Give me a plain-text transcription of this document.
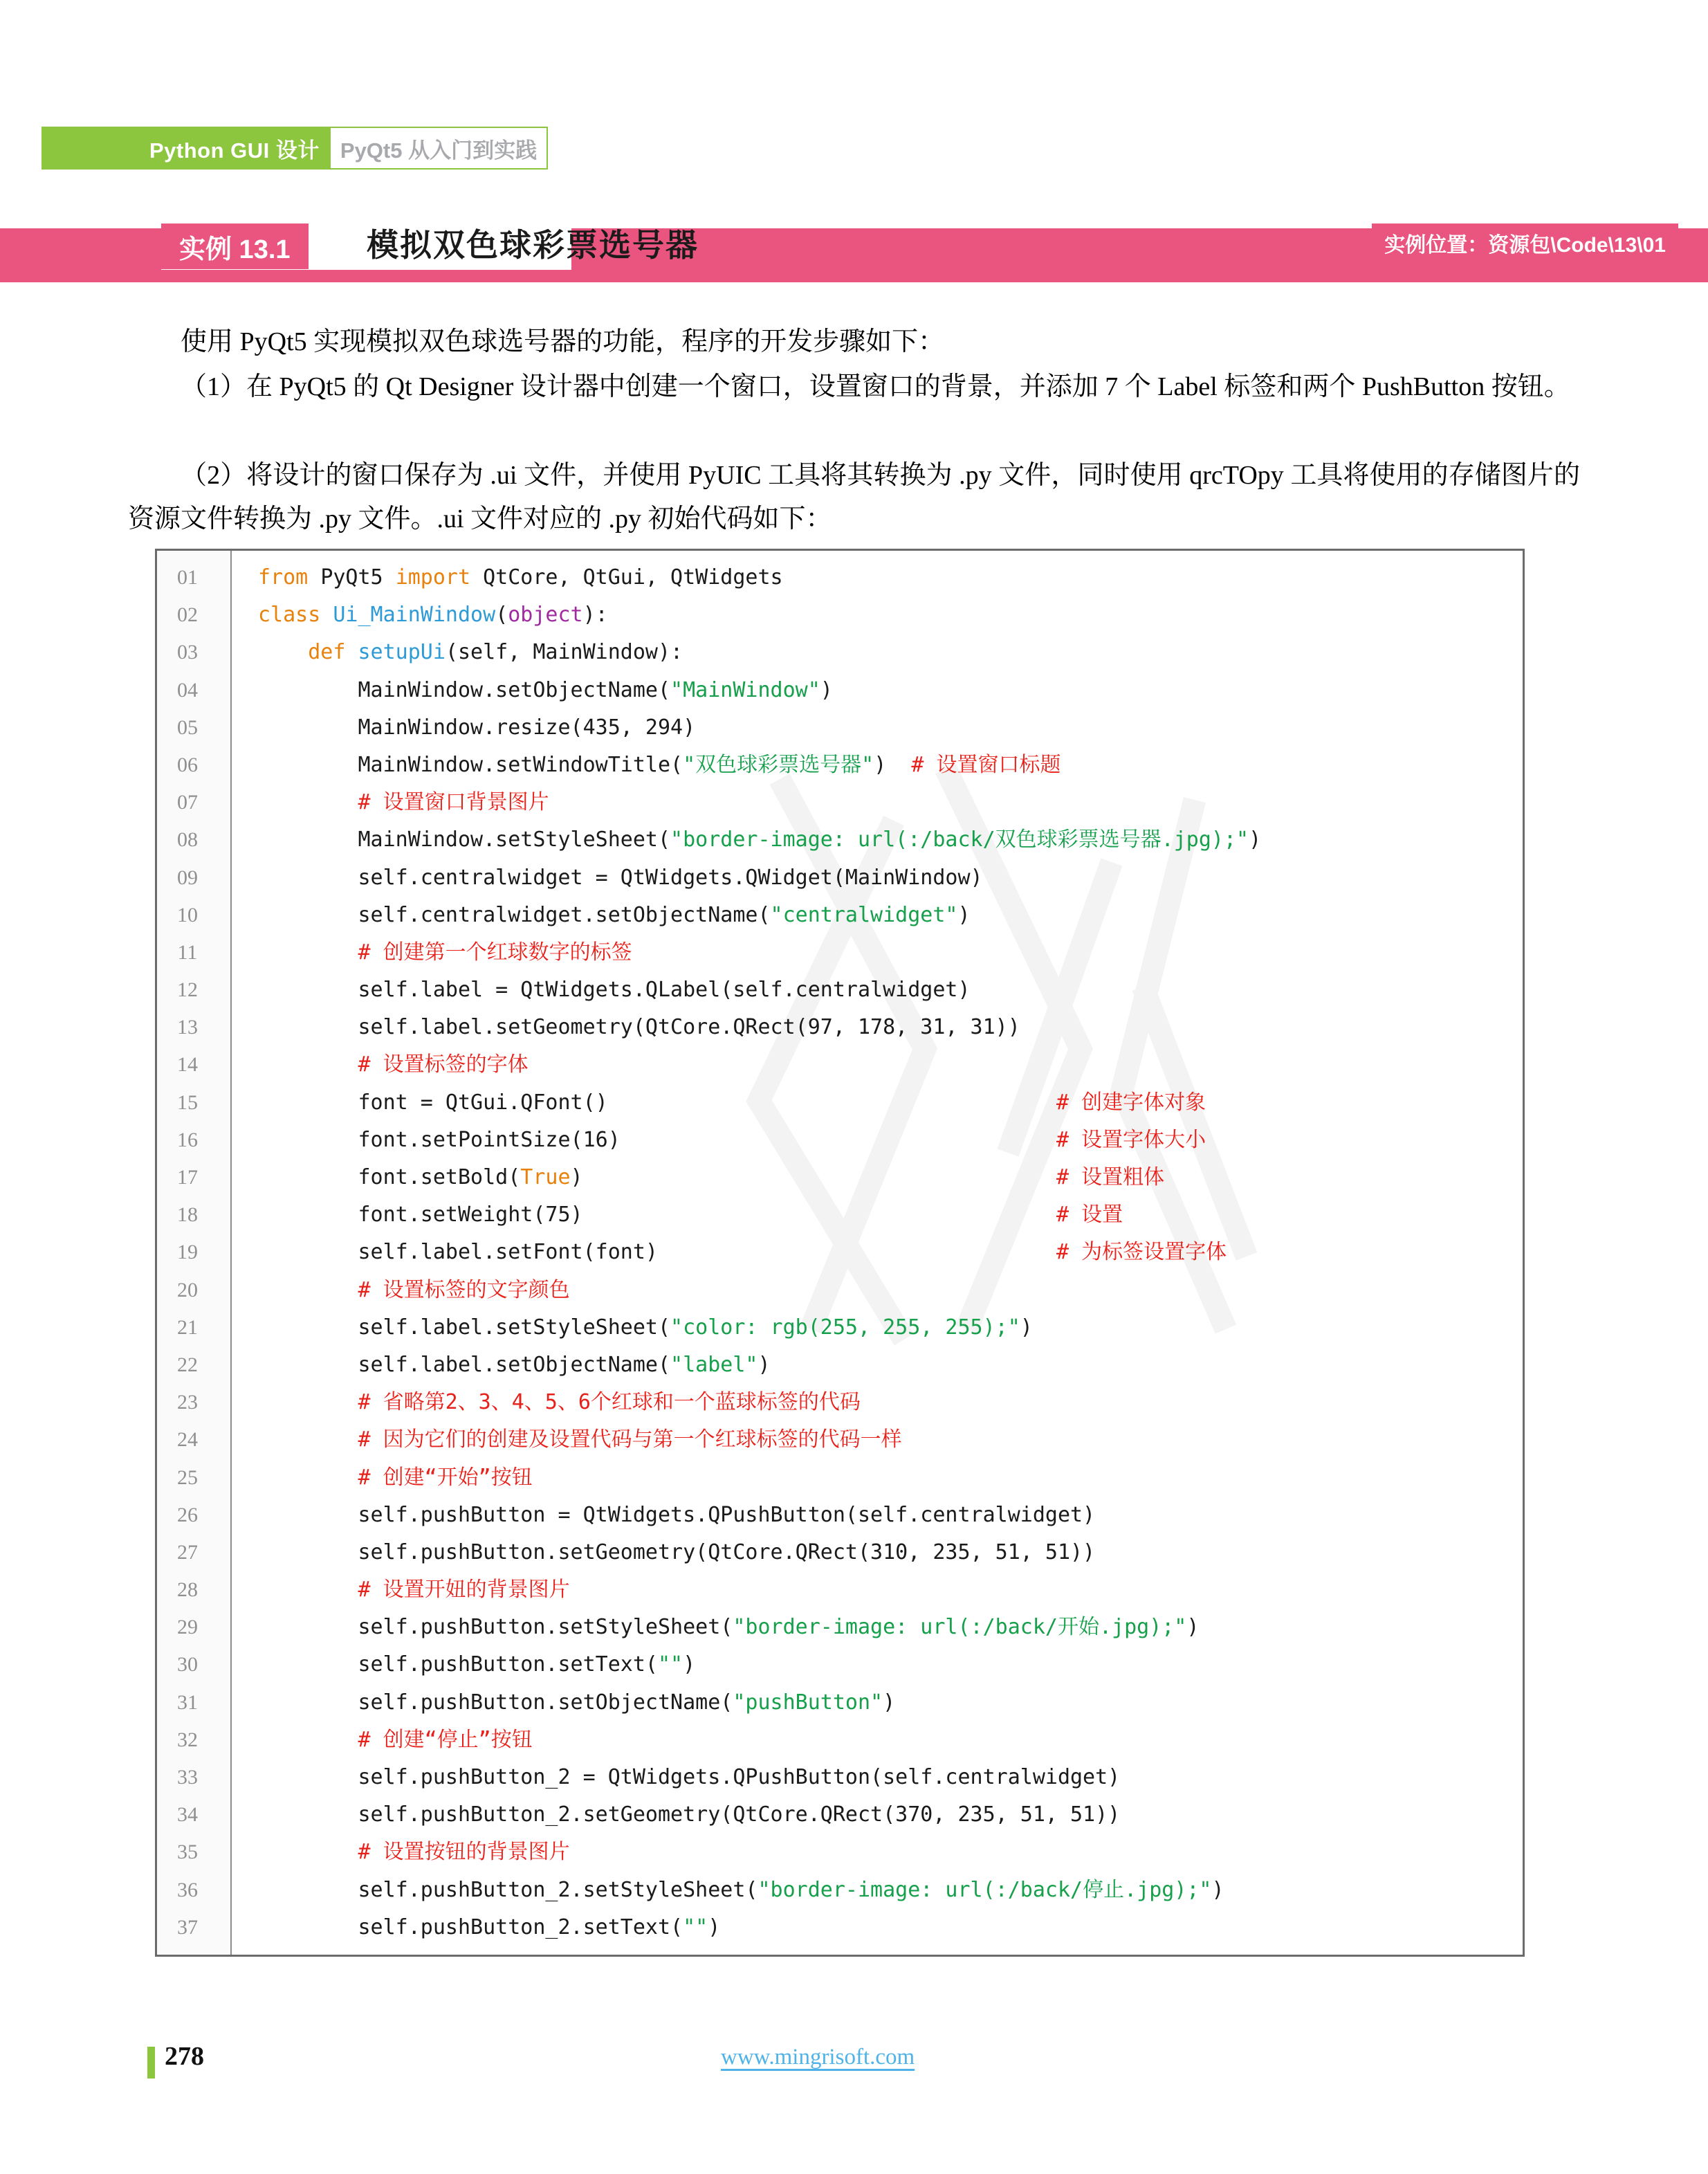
Python GUI 设计 PyQt5 从入门到实践
实例 13.1 模拟双色球彩票选号器	实例位置：资源包\Code\13\01
使用 PyQt5 实现模拟双色球选号器的功能，程序的开发步骤如下：
（1）在 PyQt5 的 Qt Designer 设计器中创建一个窗口，设置窗口的背景，并添加 7 个 Label 标签和两个 PushButton 按钮。
（2）将设计的窗口保存为 .ui 文件，并使用 PyUIC 工具将其转换为 .py 文件，同时使用 qrcTOpy 工具将使用的存储图片的资源文件转换为 .py 文件。.ui 文件对应的 .py 初始代码如下：
01	from PyQt5 import QtCore, QtGui, QtWidgets
02	class Ui_MainWindow(object):
03	def setupUi(self, MainWindow):
04	MainWindow.setObjectName("MainWindow")
05	MainWindow.resize(435, 294)
06	MainWindow.setWindowTitle("双色球彩票选号器")  # 设置窗口标题
07	# 设置窗口背景图片
08	MainWindow.setStyleSheet("border-image: url(:/back/双色球彩票选号器.jpg);")
09	self.centralwidget = QtWidgets.QWidget(MainWindow)
10	self.centralwidget.setObjectName("centralwidget")
11	# 创建第一个红球数字的标签
12	self.label = QtWidgets.QLabel(self.centralwidget)
13	self.label.setGeometry(QtCore.QRect(97, 178, 31, 31))
14	# 设置标签的字体
15	font = QtGui.QFont()	# 创建字体对象
16	font.setPointSize(16)	# 设置字体大小
17	font.setBold(True)	# 设置粗体
18	font.setWeight(75)	# 设置
19	self.label.setFont(font)	# 为标签设置字体
20	# 设置标签的文字颜色
21	self.label.setStyleSheet("color: rgb(255, 255, 255);")
22	self.label.setObjectName("label")
23	# 省略第2、3、4、5、6个红球和一个蓝球标签的代码
24	# 因为它们的创建及设置代码与第一个红球标签的代码一样
25	# 创建“开始”按钮
26	self.pushButton = QtWidgets.QPushButton(self.centralwidget)
27	self.pushButton.setGeometry(QtCore.QRect(310, 235, 51, 51))
28	# 设置开妞的背景图片
29	self.pushButton.setStyleSheet("border-image: url(:/back/开始.jpg);")
30	self.pushButton.setText("")
31	self.pushButton.setObjectName("pushButton")
32	# 创建“停止”按钮
33	self.pushButton_2 = QtWidgets.QPushButton(self.centralwidget)
34	self.pushButton_2.setGeometry(QtCore.QRect(370, 235, 51, 51))
35	# 设置按钮的背景图片
36	self.pushButton_2.setStyleSheet("border-image: url(:/back/停止.jpg);")
37	self.pushButton_2.setText("")
278	www.mingrisoft.com
